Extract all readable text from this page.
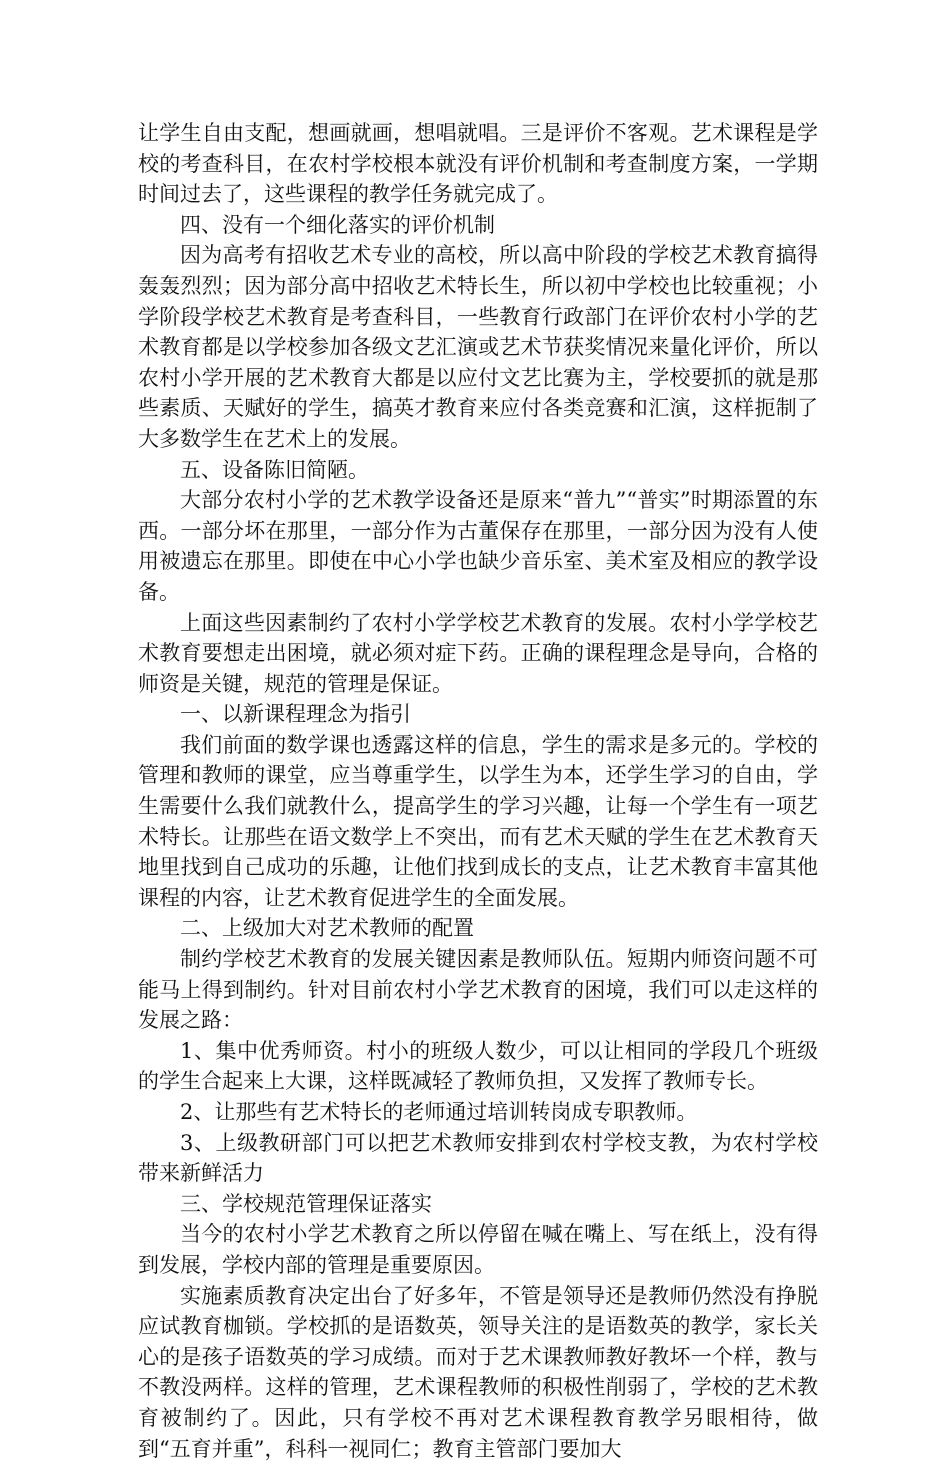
让学生自由支配，想画就画，想唱就唱。三是评价不客观。艺术课程是学校的考查科目，在农村学校根本就没有评价机制和考查制度方案，一学期时间过去了，这些课程的教学任务就完成了。

四、没有一个细化落实的评价机制

因为高考有招收艺术专业的高校，所以高中阶段的学校艺术教育搞得轰轰烈烈；因为部分高中招收艺术特长生，所以初中学校也比较重视；小学阶段学校艺术教育是考查科目，一些教育行政部门在评价农村小学的艺术教育都是以学校参加各级文艺汇演或艺术节获奖情况来量化评价，所以农村小学开展的艺术教育大都是以应付文艺比赛为主，学校要抓的就是那些素质、天赋好的学生，搞英才教育来应付各类竞赛和汇演，这样扼制了大多数学生在艺术上的发展。

五、设备陈旧简陋。

大部分农村小学的艺术教学设备还是原来“普九”“普实”时期添置的东西。一部分坏在那里，一部分作为古董保存在那里，一部分因为没有人使用被遗忘在那里。即使在中心小学也缺少音乐室、美术室及相应的教学设备。

上面这些因素制约了农村小学学校艺术教育的发展。农村小学学校艺术教育要想走出困境，就必须对症下药。正确的课程理念是导向，合格的师资是关键，规范的管理是保证。

一、以新课程理念为指引

我们前面的数学课也透露这样的信息，学生的需求是多元的。学校的管理和教师的课堂，应当尊重学生，以学生为本，还学生学习的自由，学生需要什么我们就教什么，提高学生的学习兴趣，让每一个学生有一项艺术特长。让那些在语文数学上不突出，而有艺术天赋的学生在艺术教育天地里找到自己成功的乐趣，让他们找到成长的支点，让艺术教育丰富其他课程的内容，让艺术教育促进学生的全面发展。

二、上级加大对艺术教师的配置

制约学校艺术教育的发展关键因素是教师队伍。短期内师资问题不可能马上得到制约。针对目前农村小学艺术教育的困境，我们可以走这样的发展之路：

1、集中优秀师资。村小的班级人数少，可以让相同的学段几个班级的学生合起来上大课，这样既减轻了教师负担，又发挥了教师专长。

2、让那些有艺术特长的老师通过培训转岗成专职教师。

3、上级教研部门可以把艺术教师安排到农村学校支教，为农村学校带来新鲜活力

三、学校规范管理保证落实

当今的农村小学艺术教育之所以停留在喊在嘴上、写在纸上，没有得到发展，学校内部的管理是重要原因。

实施素质教育决定出台了好多年，不管是领导还是教师仍然没有挣脱应试教育枷锁。学校抓的是语数英，领导关注的是语数英的教学，家长关心的是孩子语数英的学习成绩。而对于艺术课教师教好教坏一个样，教与不教没两样。这样的管理，艺术课程教师的积极性削弱了，学校的艺术教育被制约了。因此，只有学校不再对艺术课程教育教学另眼相待，做到“五育并重”，科科一视同仁；教育主管部门要加大
